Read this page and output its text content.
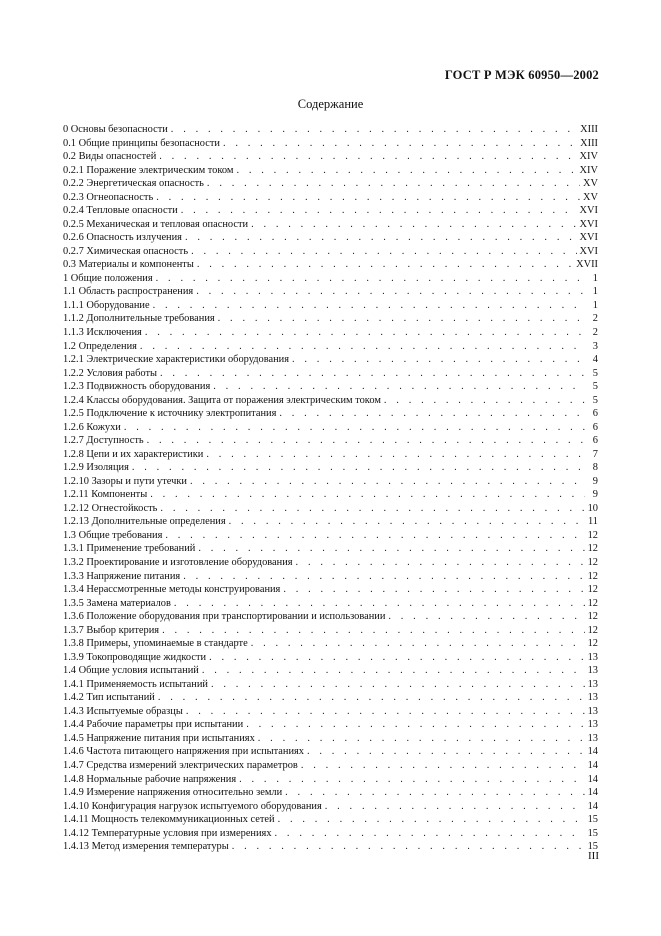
ГОСТ Р МЭК 60950—2002
Содержание
0 Основы безопасности . . .	XIII
0.1 Общие принципы безопасности . . .	XIII
0.2 Виды опасностей . . .	XIV
0.2.1 Поражение электрическим током . . .	XIV
0.2.2 Энергетическая опасность . . .	XV
0.2.3 Огнеопасность . . .	XV
0.2.4 Тепловые опасности . . .	XVI
0.2.5 Механическая и тепловая опасности . . .	XVI
0.2.6 Опасность излучения . . .	XVI
0.2.7 Химическая опасность . . .	XVI
0.3 Материалы и компоненты . . .	XVII
1 Общие положения . . .	1
1.1 Область распространения . . .	1
1.1.1 Оборудование . . .	1
1.1.2 Дополнительные требования . . .	2
1.1.3 Исключения . . .	2
1.2 Определения . . .	3
1.2.1 Электрические характеристики оборудования . . .	4
1.2.2 Условия работы . . .	5
1.2.3 Подвижность оборудования . . .	5
1.2.4 Классы оборудования. Защита от поражения электрическим током . . .	5
1.2.5 Подключение к источнику электропитания . . .	6
1.2.6 Кожухи . . .	6
1.2.7 Доступность . . .	6
1.2.8 Цепи и их характеристики . . .	7
1.2.9 Изоляция . . .	8
1.2.10 Зазоры и пути утечки . . .	9
1.2.11 Компоненты . . .	9
1.2.12 Огнестойкость . . .	10
1.2.13 Дополнительные определения . . .	11
1.3 Общие требования . . .	12
1.3.1 Применение требований . . .	12
1.3.2 Проектирование и изготовление оборудования . . .	12
1.3.3 Напряжение питания . . .	12
1.3.4 Нерассмотренные методы конструирования . . .	12
1.3.5 Замена материалов . . .	12
1.3.6 Положение оборудования при транспортировании и использовании . . .	12
1.3.7 Выбор критерия . . .	12
1.3.8 Примеры, упоминаемые в стандарте . . .	12
1.3.9 Токопроводящие жидкости . . .	13
1.4 Общие условия испытаний . . .	13
1.4.1 Применяемость испытаний . . .	13
1.4.2 Тип испытаний . . .	13
1.4.3 Испытуемые образцы . . .	13
1.4.4 Рабочие параметры при испытании . . .	13
1.4.5 Напряжение питания при испытаниях . . .	13
1.4.6 Частота питающего напряжения при испытаниях . . .	14
1.4.7 Средства измерений электрических параметров . . .	14
1.4.8 Нормальные рабочие напряжения . . .	14
1.4.9 Измерение напряжения относительно земли . . .	14
1.4.10 Конфигурация нагрузок испытуемого оборудования . . .	14
1.4.11 Мощность телекоммуникационных сетей . . .	15
1.4.12 Температурные условия при измерениях . . .	15
1.4.13 Метод измерения температуры . . .	15
III
